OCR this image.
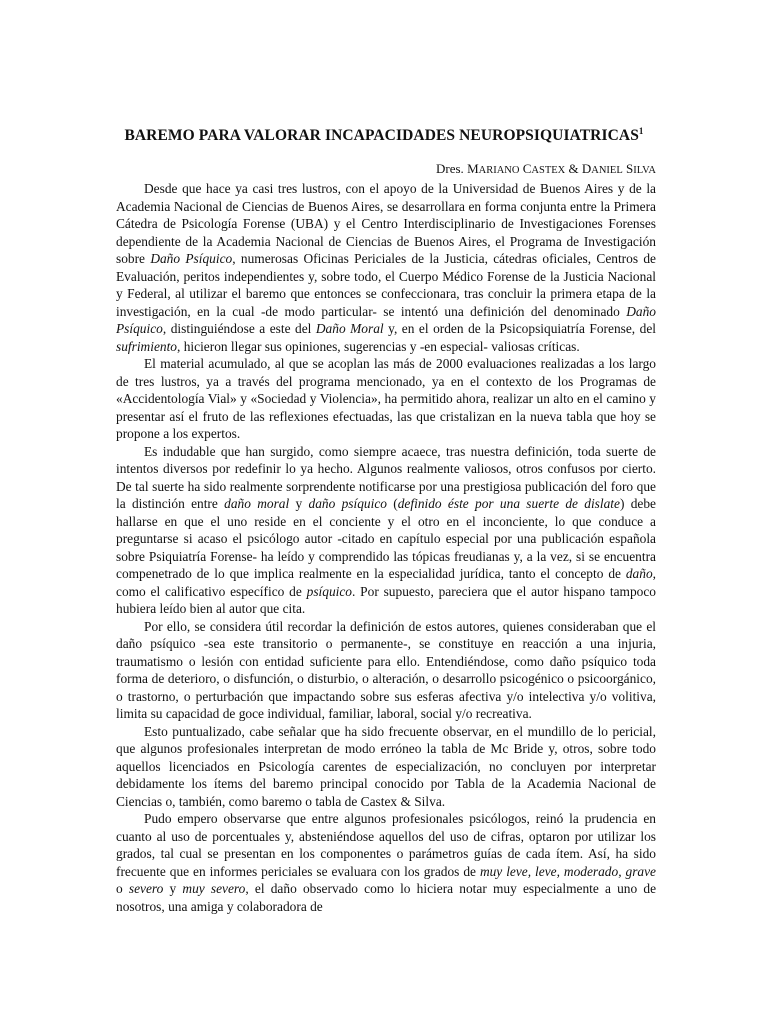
BAREMO PARA VALORAR INCAPACIDADES NEUROPSIQUIATRICAS$^1$

Dres. MARIANO CASTEX & DANIEL SILVA

Desde que hace ya casi tres lustros, con el apoyo de la Universidad de Buenos Aires y de la Academia Nacional de Ciencias de Buenos Aires, se desarrollara en forma conjunta entre la Primera Cátedra de Psicología Forense (UBA) y el Centro Interdisciplinario de Investigaciones Forenses dependiente de la Academia Nacional de Ciencias de Buenos Aires, el Programa de Investigación sobre Daño Psíquico, numerosas Oficinas Periciales de la Justicia, cátedras oficiales, Centros de Evaluación, peritos independientes y, sobre todo, el Cuerpo Médico Forense de la Justicia Nacional y Federal, al utilizar el baremo que entonces se confeccionara, tras concluir la primera etapa de la investigación, en la cual -de modo particular- se intentó una definición del denominado Daño Psíquico, distinguiéndose a este del Daño Moral y, en el orden de la Psicopsiquiatría Forense, del sufrimiento, hicieron llegar sus opiniones, sugerencias y -en especial- valiosas críticas.

El material acumulado, al que se acoplan las más de 2000 evaluaciones realizadas a los largo de tres lustros, ya a través del programa mencionado, ya en el contexto de los Programas de «Accidentología Vial» y «Sociedad y Violencia», ha permitido ahora, realizar un alto en el camino y presentar así el fruto de las reflexiones efectuadas, las que cristalizan en la nueva tabla que hoy se propone a los expertos.

Es indudable que han surgido, como siempre acaece, tras nuestra definición, toda suerte de intentos diversos por redefinir lo ya hecho. Algunos realmente valiosos, otros confusos por cierto. De tal suerte ha sido realmente sorprendente notificarse por una prestigiosa publicación del foro que la distinción entre daño moral y daño psíquico (definido éste por una suerte de dislate) debe hallarse en que el uno reside en el conciente y el otro en el inconciente, lo que conduce a preguntarse si acaso el psicólogo autor -citado en capítulo especial por una publicación española sobre Psiquiatría Forense- ha leído y comprendido las tópicas freudianas y, a la vez, si se encuentra compenetrado de lo que implica realmente en la especialidad jurídica, tanto el concepto de daño, como el calificativo específico de psíquico. Por supuesto, pareciera que el autor hispano tampoco hubiera leído bien al autor que cita.

Por ello, se considera útil recordar la definición de estos autores, quienes consideraban que el daño psíquico -sea este transitorio o permanente-, se constituye en reacción a una injuria, traumatismo o lesión con entidad suficiente para ello. Entendiéndose, como daño psíquico toda forma de deterioro, o disfunción, o disturbio, o alteración, o desarrollo psicogénico o psicoorgánico, o trastorno, o perturbación que impactando sobre sus esferas afectiva y/o intelectiva y/o volitiva, limita su capacidad de goce individual, familiar, laboral, social y/o recreativa.

Esto puntualizado, cabe señalar que ha sido frecuente observar, en el mundillo de lo pericial, que algunos profesionales interpretan de modo erróneo la tabla de Mc Bride y, otros, sobre todo aquellos licenciados en Psicología carentes de especialización, no concluyen por interpretar debidamente los ítems del baremo principal conocido por Tabla de la Academia Nacional de Ciencias o, también, como baremo o tabla de Castex & Silva.

Pudo empero observarse que entre algunos profesionales psicólogos, reinó la prudencia en cuanto al uso de porcentuales y, absteniéndose aquellos del uso de cifras, optaron por utilizar los grados, tal cual se presentan en los componentes o parámetros guías de cada ítem. Así, ha sido frecuente que en informes periciales se evaluara con los grados de muy leve, leve, moderado, grave o severo y muy severo, el daño observado como lo hiciera notar muy especialmente a uno de nosotros, una amiga y colaboradora de
